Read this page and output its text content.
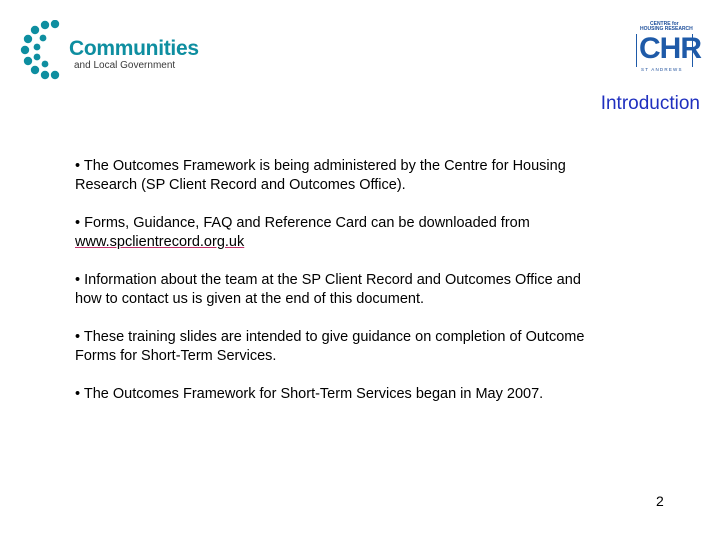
Communities
and Local Government
CENTRE for
HOUSING RESEARCH
CHR
ST ANDREWS
Introduction

• The Outcomes Framework is being administered by the Centre for Housing
Research (SP Client Record and Outcomes Office).

• Forms, Guidance, FAQ and Reference Card can be downloaded from
www.spclientrecord.org.uk

• Information about the team at the SP Client Record and Outcomes Office and
how to contact us is given at the end of this document.

• These training slides are intended to give guidance on completion of Outcome
Forms for Short-Term Services.

• The Outcomes Framework for Short-Term Services began in May 2007.

2
